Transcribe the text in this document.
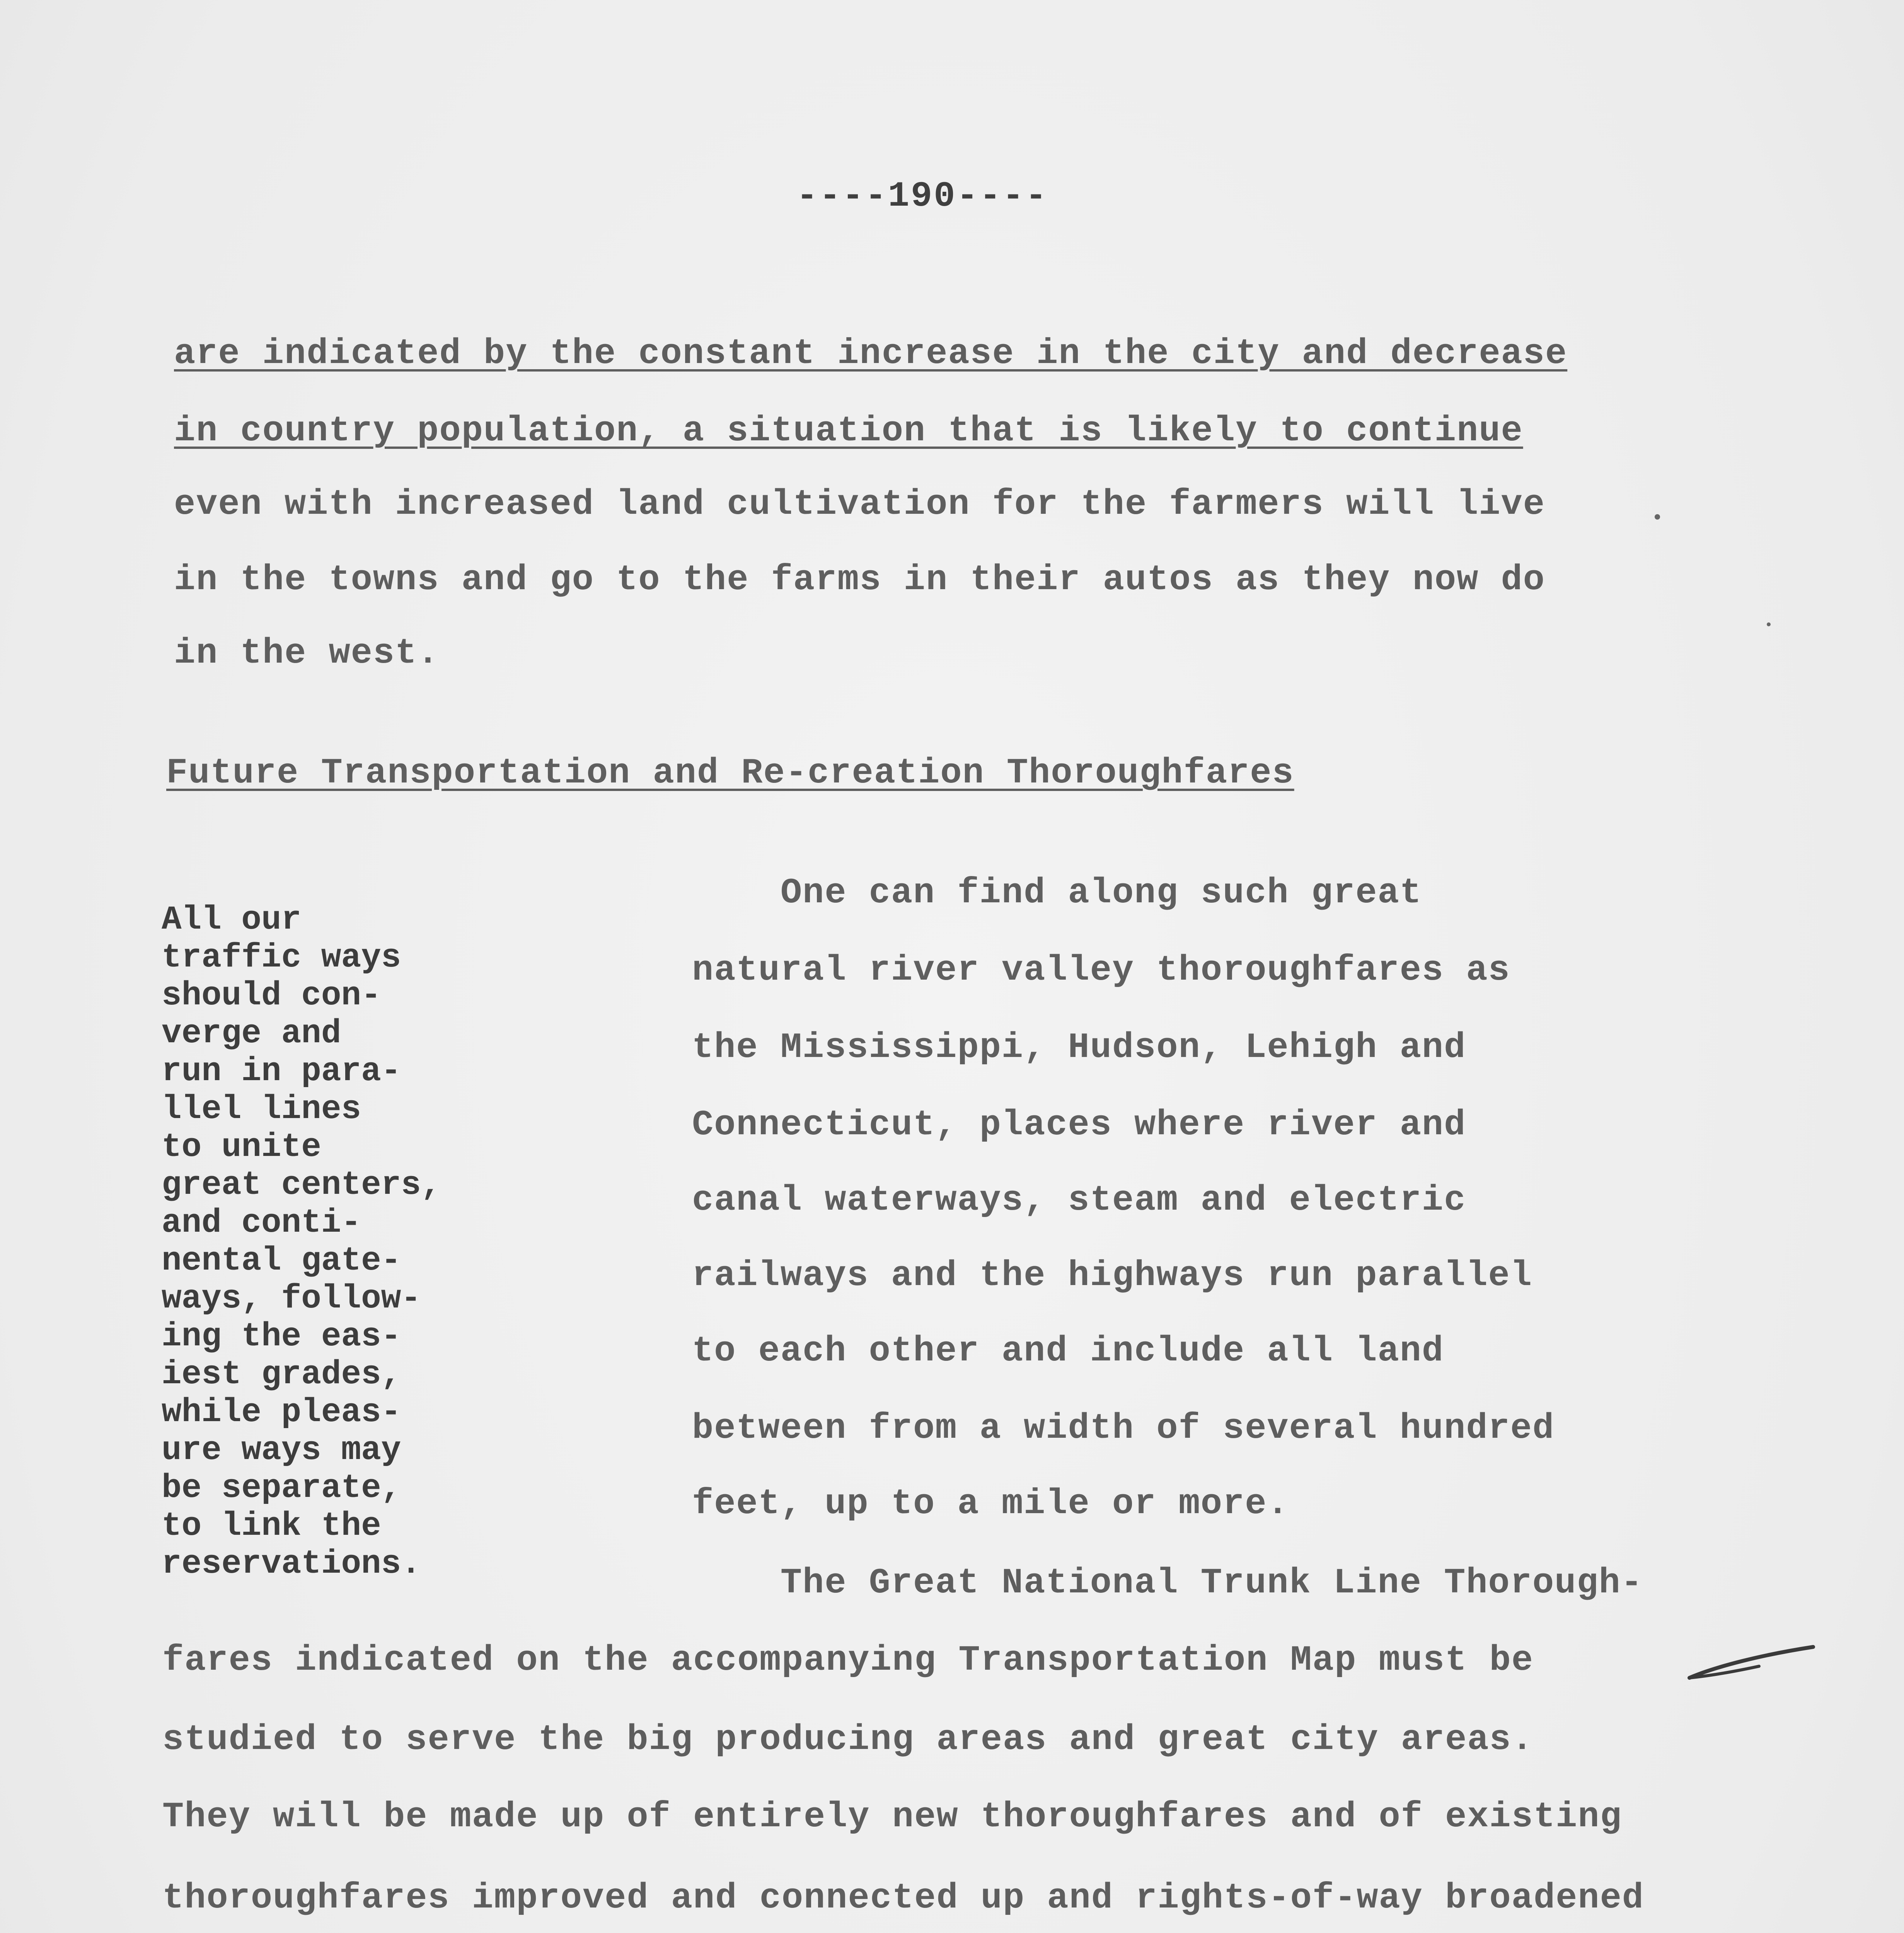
----190----
are indicated by the constant increase in the city and decrease
in country population, a situation that is likely to continue
even with increased land cultivation for the farmers will live
in the towns and go to the farms in their autos as they now do
in the west.
Future Transportation and Re-creation Thoroughfares
All our
traffic ways
should con-
verge and
run in para-
llel lines
to unite
great centers,
and conti-
nental gate-
ways, follow-
ing the eas-
iest grades,
while pleas-
ure ways may
be separate,
to link the
reservations.
One can find along such great
natural river valley thoroughfares as
the Mississippi, Hudson, Lehigh and
Connecticut, places where river and
canal waterways, steam and electric
railways and the highways run parallel
to each other and include all land
between from a width of several hundred
feet, up to a mile or more.
The Great National Trunk Line Thorough-
fares indicated on the accompanying Transportation Map must be
studied to serve the big producing areas and great city areas.
They will be made up of entirely new thoroughfares and of existing
thoroughfares improved and connected up and rights-of-way broadened
